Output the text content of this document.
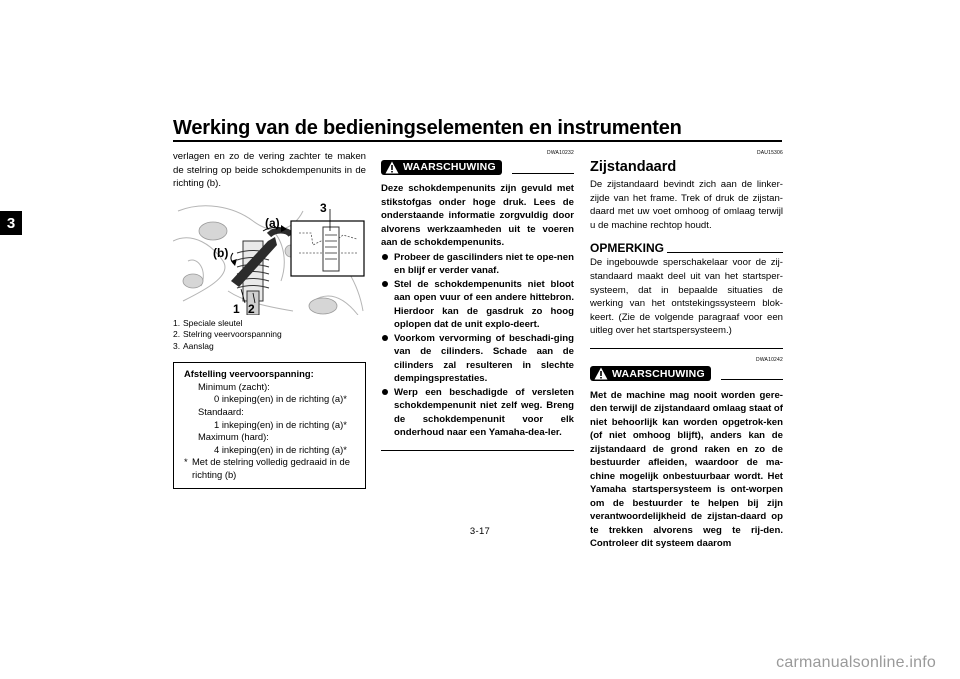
Werking van de bedieningselementen en instrumenten
3

verlagen en zo de vering zachter te maken de stelring op beide schokdempenunits in de richting (b).

(a)
(b)
1 2
3
1. Speciale sleutel
2. Stelring veervoorspanning
3. Aanslag
Afstelling veervoorspanning:
Minimum (zacht):
0 inkeping(en) in de richting (a)*
Standaard:
1 inkeping(en) in de richting (a)*
Maximum (hard):
4 inkeping(en) in de richting (a)*
* Met de stelring volledig gedraaid in de richting (b)
DWA10232
WAARSCHUWING

Deze schokdempenunits zijn gevuld met stikstofgas onder hoge druk. Lees de onderstaande informatie zorgvuldig door alvorens werkzaamheden uit te voeren aan de schokdempenunits.

Probeer de gascilinders niet te ope-nen en blijf er verder vanaf.
Stel de schokdempenunits niet bloot aan open vuur of een andere hittebron. Hierdoor kan de gasdruk zo hoog oplopen dat de unit explo-deert.
Voorkom vervorming of beschadi-ging van de cilinders. Schade aan de cilinders zal resulteren in slechte dempingsprestaties.
Werp een beschadigde of versleten schokdempenunit niet zelf weg. Breng de schokdempenunit voor elk onderhoud naar een Yamaha-dea-ler.
DAU15306
Zijstandaard

De zijstandaard bevindt zich aan de linker-zijde van het frame. Trek of druk de zijstan-daard met uw voet omhoog of omlaag terwijl u de machine rechtop houdt.

OPMERKING

De ingebouwde sperschakelaar voor de zij-standaard maakt deel uit van het startsper-systeem, dat in bepaalde situaties de werking van het ontstekingssysteem blok-keert. (Zie de volgende paragraaf voor een uitleg over het startspersysteem.)

DWA10242
WAARSCHUWING

Met de machine mag nooit worden gere-den terwijl de zijstandaard omlaag staat of niet behoorlijk kan worden opgetrok-ken (of niet omhoog blijft), anders kan de zijstandaard de grond raken en zo de bestuurder afleiden, waardoor de ma-chine mogelijk onbestuurbaar wordt. Het Yamaha startspersysteem is ont-worpen om de bestuurder te helpen bij zijn verantwoordelijkheid de zijstan-daard op te trekken alvorens weg te rij-den. Controleer dit systeem daarom

3-17
carmanualsonline.info
